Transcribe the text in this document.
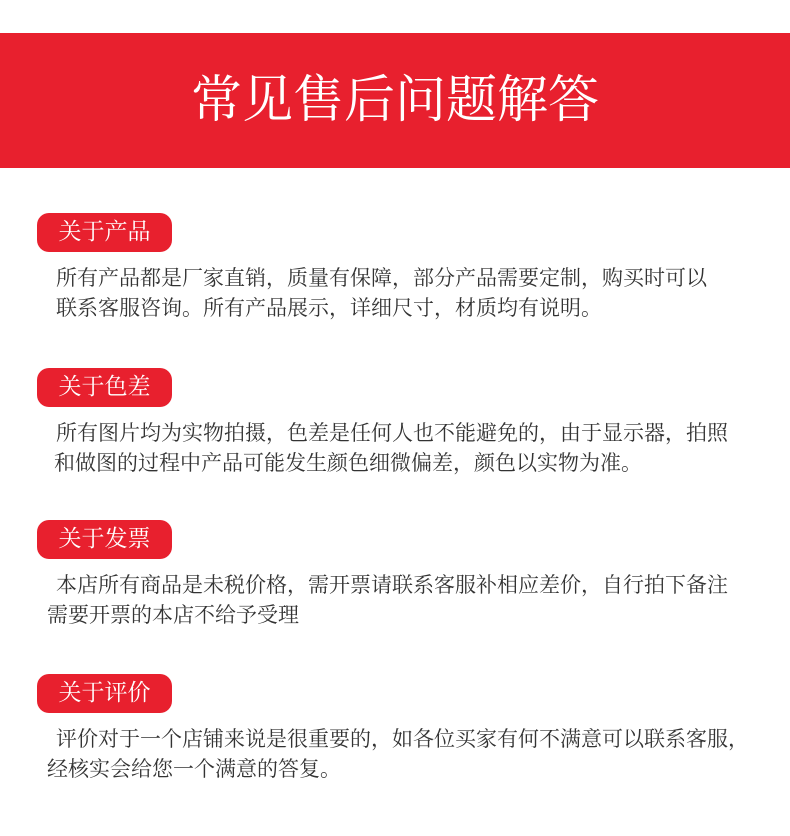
常见售后问题解答
关于产品
所有产品都是厂家直销，质量有保障，部分产品需要定制，购买时可以
联系客服咨询。所有产品展示，详细尺寸，材质均有说明。
关于色差
所有图片均为实物拍摄，色差是任何人也不能避免的，由于显示器，拍照
和做图的过程中产品可能发生颜色细微偏差，颜色以实物为准。
关于发票
本店所有商品是未税价格，需开票请联系客服补相应差价，自行拍下备注
需要开票的本店不给予受理
关于评价
评价对于一个店铺来说是很重要的，如各位买家有何不满意可以联系客服，
经核实会给您一个满意的答复。
